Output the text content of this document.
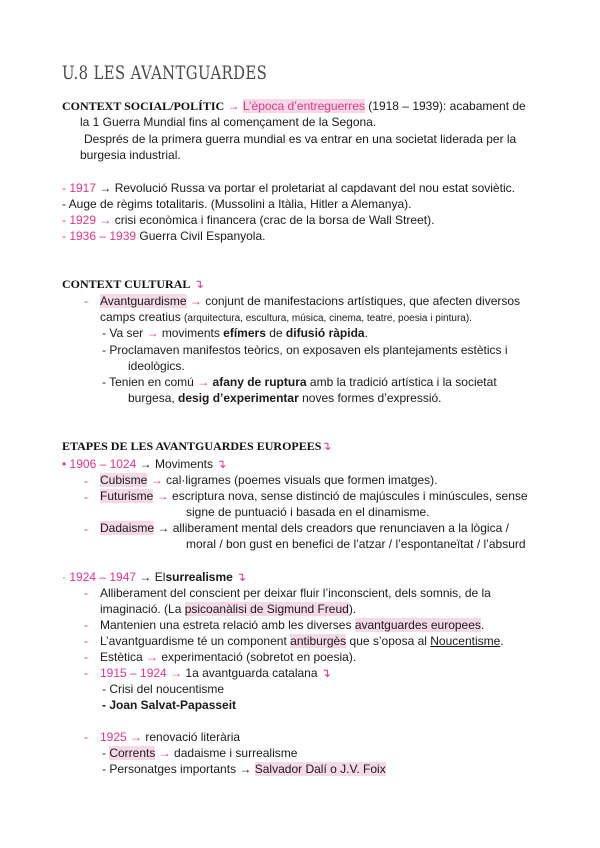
U.8 LES AVANTGUARDES
CONTEXT SOCIAL/POLÍTIC → L’època d’entreguerres (1918 – 1939): acabament de
la 1 Guerra Mundial fins al començament de la Segona.
Després de la primera guerra mundial es va entrar en una societat liderada per la
burgesia industrial.
- 1917 → Revolució Russa va portar el proletariat al capdavant del nou estat soviètic.
- Auge de règims totalitaris. (Mussolini a Itàlia, Hitler a Alemanya).
- 1929 → crisi econòmica i financera (crac de la borsa de Wall Street).
- 1936 – 1939 Guerra Civil Espanyola.
CONTEXT CULTURAL ↴
- Avantguardisme → conjunt de manifestacions artístiques, que afecten diversos
camps creatius (arquitectura, escultura, música, cinema, teatre, poesia i pintura).
- Va ser → moviments efímers de difusió ràpida.
- Proclamaven manifestos teòrics, on exposaven els plantejaments estètics i
ideològics.
- Tenien en comú → afany de ruptura amb la tradició artística i la societat
burgesa, desig d’experimentar noves formes d’expressió.
ETAPES DE LES AVANTGUARDES EUROPEES↴
• 1906 – 1024 → Moviments ↴
- Cubisme → cal·ligrames (poemes visuals que formen imatges).
- Futurisme → escriptura nova, sense distinció de majúscules i minúscules, sense
signe de puntuació i basada en el dinamisme.
- Dadaisme → alliberament mental dels creadors que renunciaven a la lògica /
moral / bon gust en benefici de l’atzar / l’espontaneïtat / l’absurd
· 1924 – 1947 → Elsurrealisme ↴
- Alliberament del conscient per deixar fluir l’inconscient, dels somnis, de la
imaginació. (La psicoanàlisi de Sigmund Freud).
- Mantenien una estreta relació amb les diverses avantguardes europees.
- L’avantguardisme té un component antiburgès que s’oposa al Noucentisme.
- Estètica → experimentació (sobretot en poesia).
- 1915 – 1924 → 1a avantguarda catalana ↴
- Crisi del noucentisme
- Joan Salvat-Papasseit
- 1925 → renovació literària
- Corrents → dadaisme i surrealisme
- Personatges importants → Salvador Dalí o J.V. Foix
